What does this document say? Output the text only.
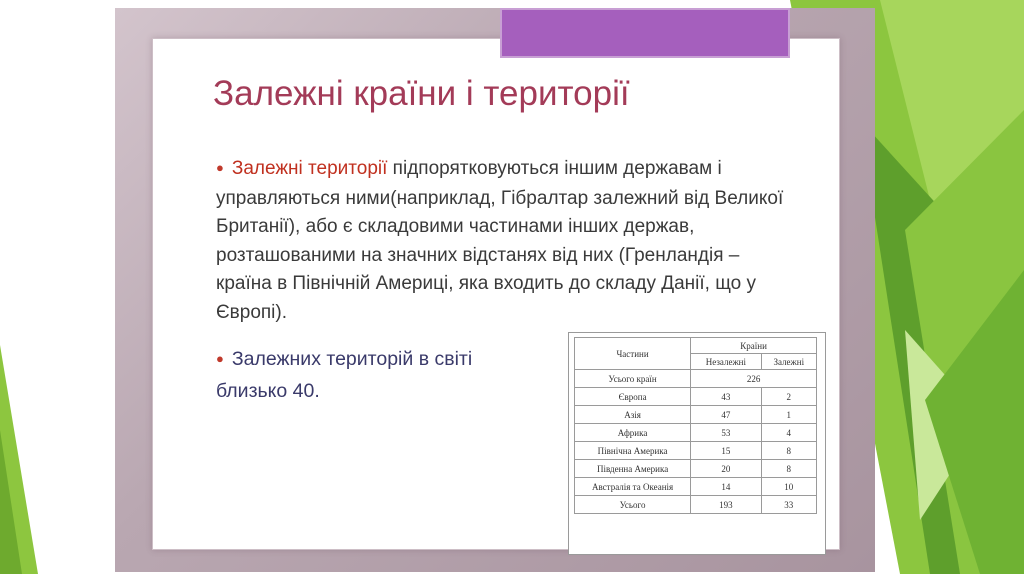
Залежні країни і території
● Залежні території підпорятковуються іншим державам і управляються ними(наприклад, Гібралтар залежний від Великої Британії), або є складовими частинами інших держав, розташованими на значних відстанях від них (Гренландія – країна в Північній Америці, яка входить до складу Данії, що у Європі).
● Залежних територій в світі
близько 40.
Частини	Країни	
	Незалежні	Залежні
Усього країн	226	
Європа	43	2
Азія	47	1
Африка	53	4
Північна Америка	15	8
Південна Америка	20	8
Австралія та Океанія	14	10
Усього	193	33
